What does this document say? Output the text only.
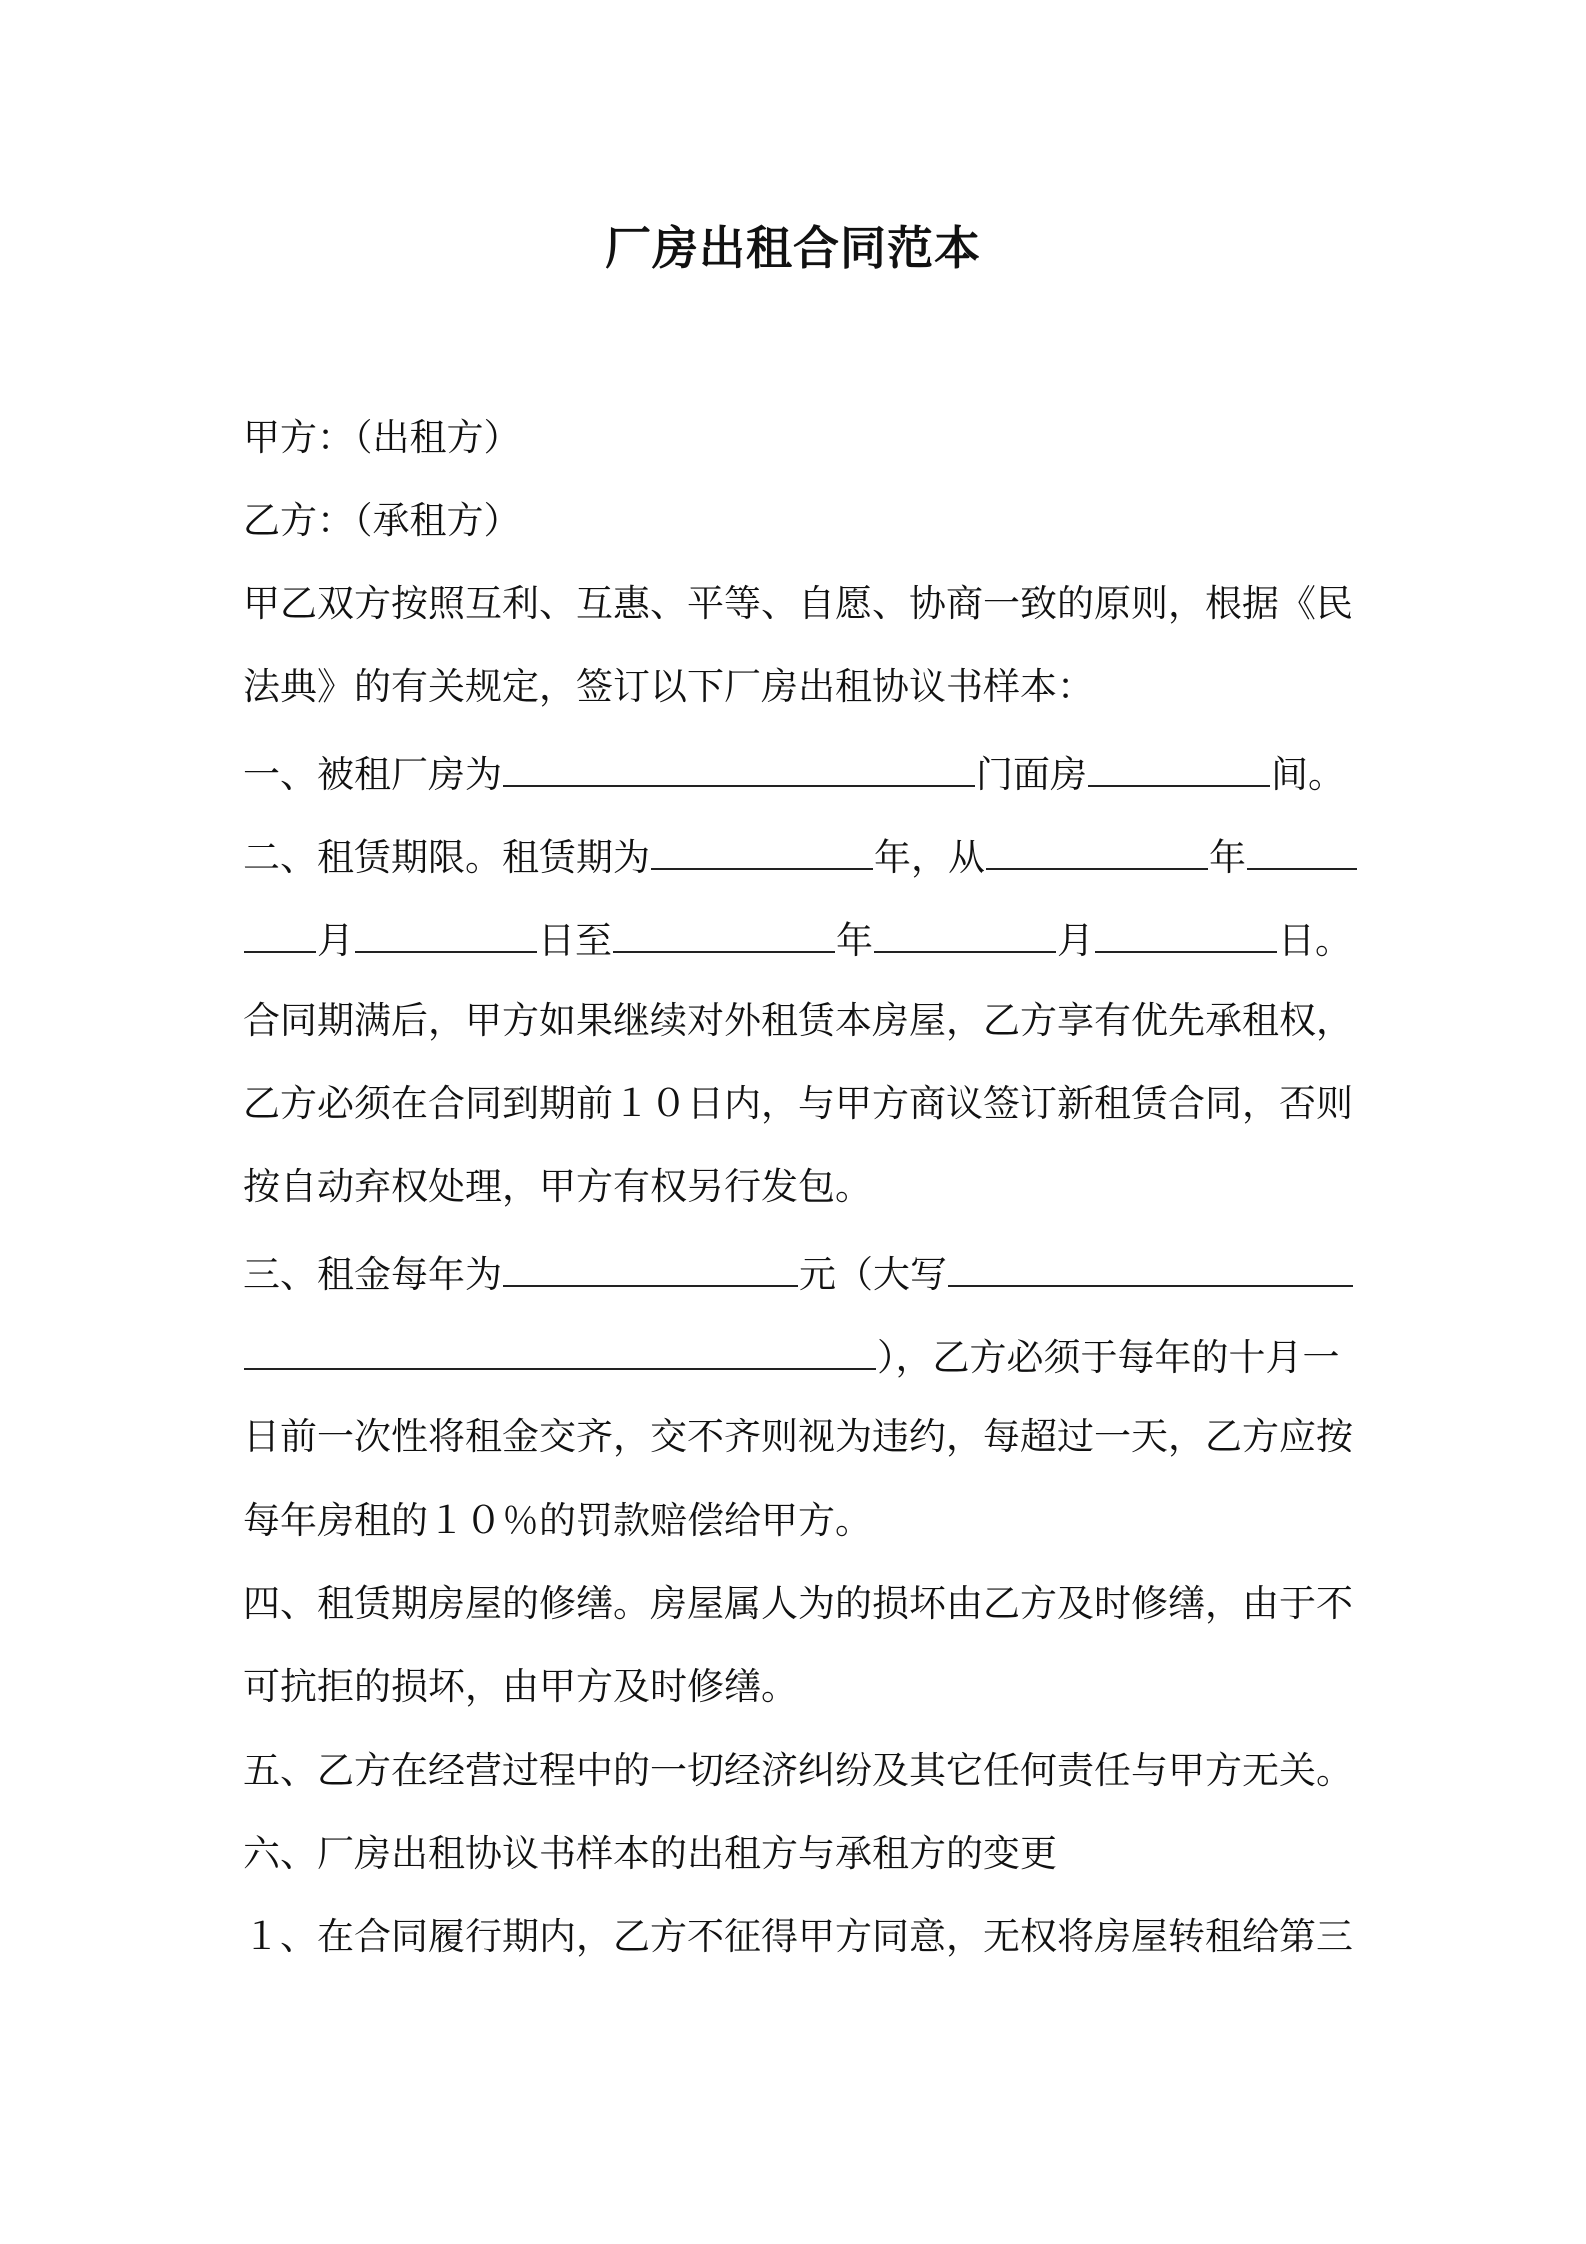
厂房出租合同范本
甲方：（出租方）
乙方：（承租方）
甲乙双方按照互利、互惠、平等、自愿、协商一致的原则，根据《民
法典》的有关规定，签订以下厂房出租协议书样本：
一、被租厂房为	门面房	间。
二、租赁期限。租赁期为	年，从	年
月	日至	年	月	日。
合同期满后，甲方如果继续对外租赁本房屋，乙方享有优先承租权，
乙方必须在合同到期前１０日内，与甲方商议签订新租赁合同，否则
按自动弃权处理，甲方有权另行发包。
三、租金每年为	元（大写
），乙方必须于每年的十月一
日前一次性将租金交齐，交不齐则视为违约，每超过一天，乙方应按
每年房租的１０％的罚款赔偿给甲方。
四、租赁期房屋的修缮。房屋属人为的损坏由乙方及时修缮，由于不
可抗拒的损坏，由甲方及时修缮。
五、乙方在经营过程中的一切经济纠纷及其它任何责任与甲方无关。
六、厂房出租协议书样本的出租方与承租方的变更
１、在合同履行期内，乙方不征得甲方同意，无权将房屋转租给第三
